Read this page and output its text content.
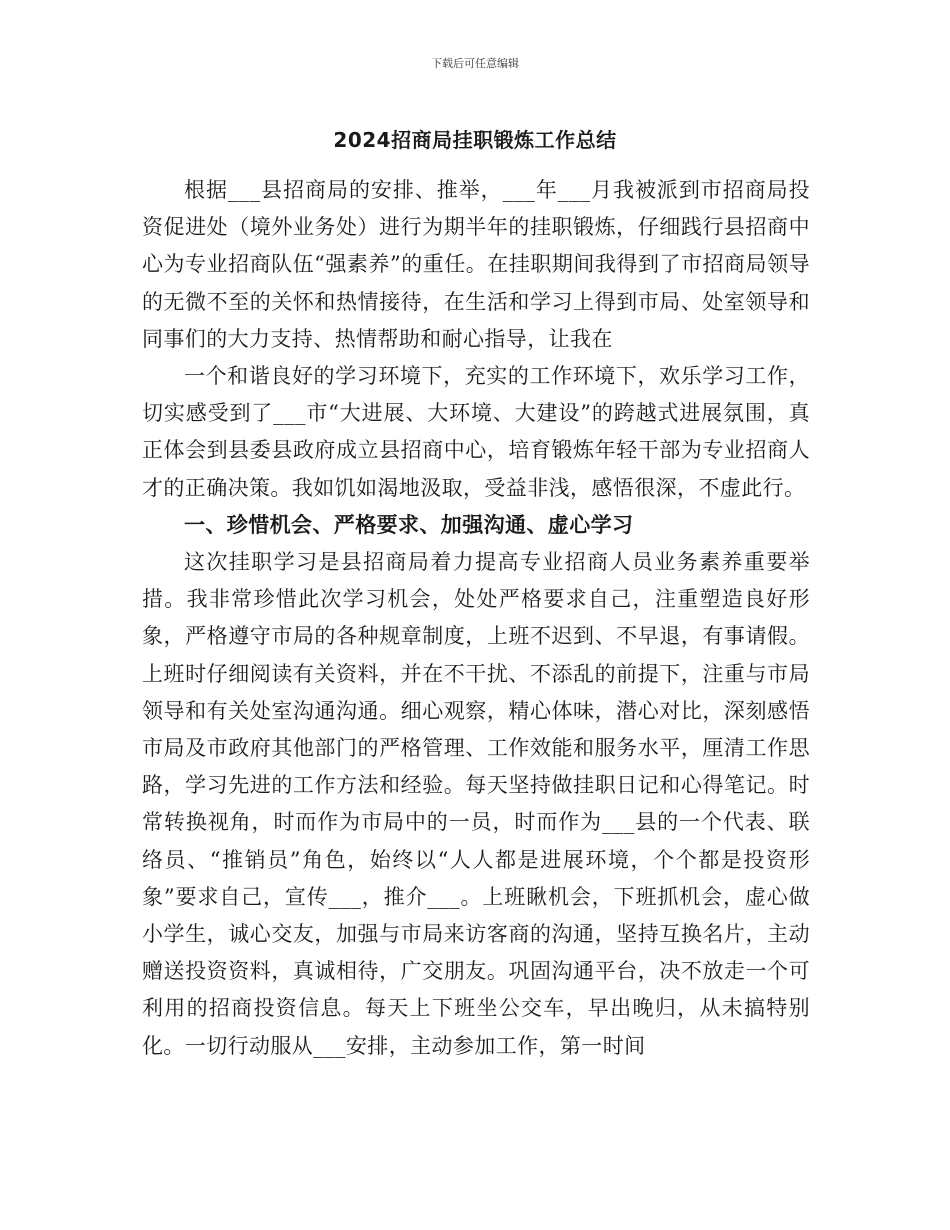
下载后可任意编辑
2024招商局挂职锻炼工作总结

根据___县招商局的安排、推举，___年___月我被派到市招商局投资促进处（境外业务处）进行为期半年的挂职锻炼，仔细践行县招商中心为专业招商队伍“强素养”的重任。在挂职期间我得到了市招商局领导的无微不至的关怀和热情接待，在生活和学习上得到市局、处室领导和同事们的大力支持、热情帮助和耐心指导，让我在

一个和谐良好的学习环境下，充实的工作环境下，欢乐学习工作，切实感受到了___市“大进展、大环境、大建设”的跨越式进展氛围，真正体会到县委县政府成立县招商中心，培育锻炼年轻干部为专业招商人才的正确决策。我如饥如渴地汲取，受益非浅，感悟很深，不虚此行。

一、珍惜机会、严格要求、加强沟通、虚心学习

这次挂职学习是县招商局着力提高专业招商人员业务素养重要举措。我非常珍惜此次学习机会，处处严格要求自己，注重塑造良好形象，严格遵守市局的各种规章制度，上班不迟到、不早退，有事请假。上班时仔细阅读有关资料，并在不干扰、不添乱的前提下，注重与市局领导和有关处室沟通沟通。细心观察，精心体味，潜心对比，深刻感悟市局及市政府其他部门的严格管理、工作效能和服务水平，厘清工作思路，学习先进的工作方法和经验。每天坚持做挂职日记和心得笔记。时常转换视角，时而作为市局中的一员，时而作为___县的一个代表、联络员、“推销员”角色，始终以“人人都是进展环境，个个都是投资形象”要求自己，宣传___，推介___。上班瞅机会，下班抓机会，虚心做小学生，诚心交友，加强与市局来访客商的沟通，坚持互换名片，主动赠送投资资料，真诚相待，广交朋友。巩固沟通平台，决不放走一个可利用的招商投资信息。每天上下班坐公交车，早出晚归，从未搞特别化。一切行动服从___安排，主动参加工作，第一时间
